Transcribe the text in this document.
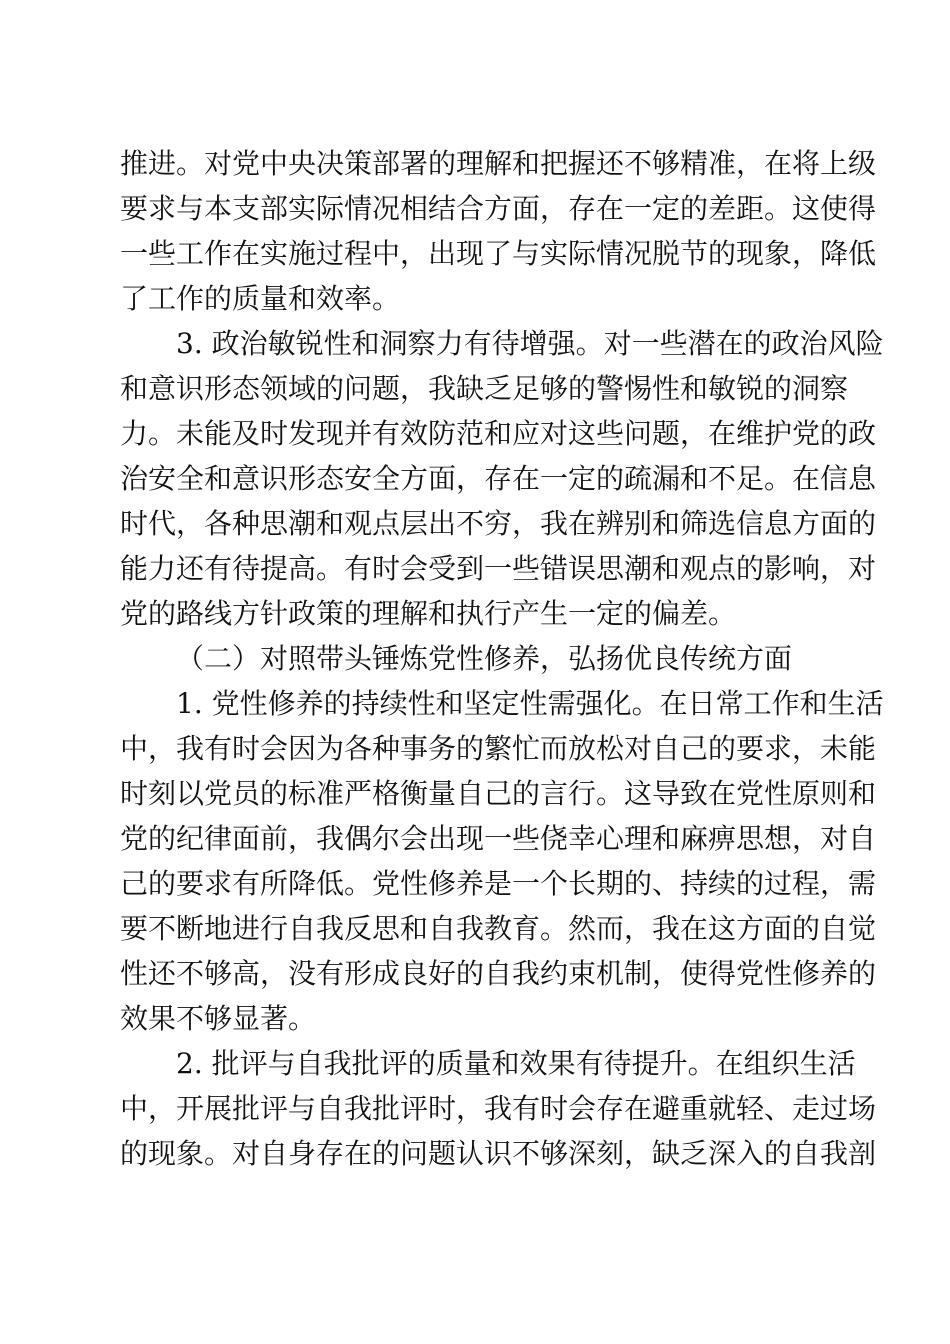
推进。对党中央决策部署的理解和把握还不够精准，在将上级

要求与本支部实际情况相结合方面，存在一定的差距。这使得

一些工作在实施过程中，出现了与实际情况脱节的现象，降低

了工作的质量和效率。

3. 政治敏锐性和洞察力有待增强。对一些潜在的政治风险

和意识形态领域的问题，我缺乏足够的警惕性和敏锐的洞察

力。未能及时发现并有效防范和应对这些问题，在维护党的政

治安全和意识形态安全方面，存在一定的疏漏和不足。在信息

时代，各种思潮和观点层出不穷，我在辨别和筛选信息方面的

能力还有待提高。有时会受到一些错误思潮和观点的影响，对

党的路线方针政策的理解和执行产生一定的偏差。

（二）对照带头锤炼党性修养，弘扬优良传统方面

1. 党性修养的持续性和坚定性需强化。在日常工作和生活

中，我有时会因为各种事务的繁忙而放松对自己的要求，未能

时刻以党员的标准严格衡量自己的言行。这导致在党性原则和

党的纪律面前，我偶尔会出现一些侥幸心理和麻痹思想，对自

己的要求有所降低。党性修养是一个长期的、持续的过程，需

要不断地进行自我反思和自我教育。然而，我在这方面的自觉

性还不够高，没有形成良好的自我约束机制，使得党性修养的

效果不够显著。

2. 批评与自我批评的质量和效果有待提升。在组织生活

中，开展批评与自我批评时，我有时会存在避重就轻、走过场

的现象。对自身存在的问题认识不够深刻，缺乏深入的自我剖
